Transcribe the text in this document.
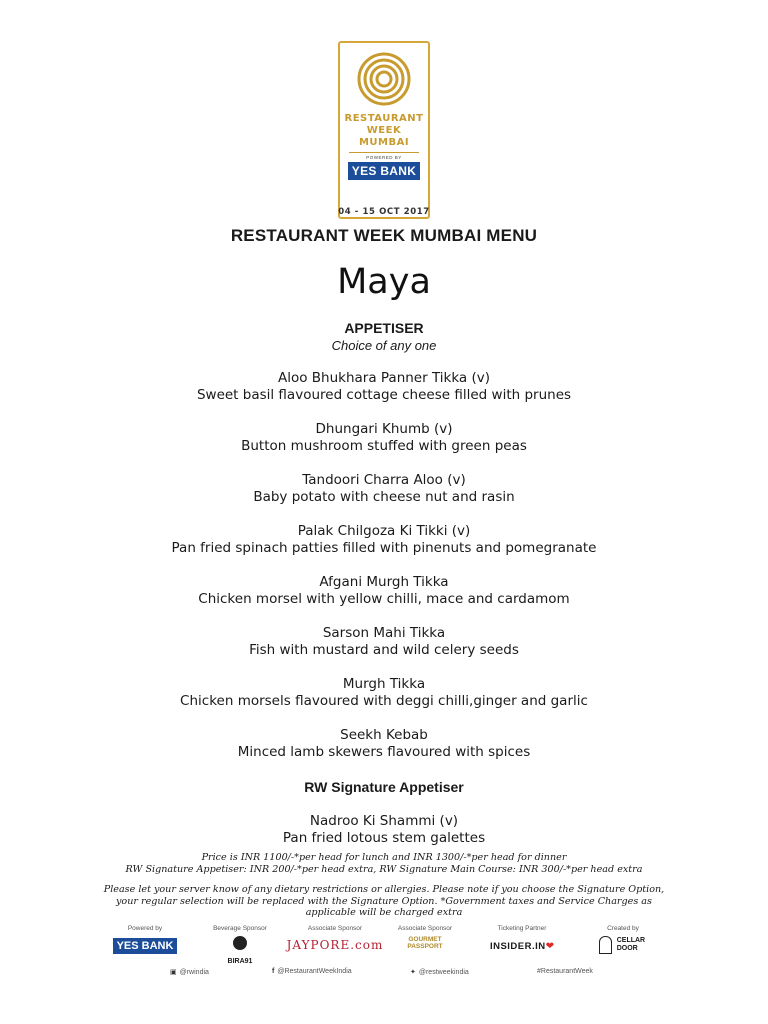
RESTAURANT
WEEK
MUMBAI
POWERED BY
YES BANK
04 - 15 OCT 2017
RESTAURANT WEEK MUMBAI MENU
Maya
APPETISER
Choice of any one
Aloo Bhukhara Panner Tikka (v)
Sweet basil flavoured cottage cheese filled with prunes
Dhungari Khumb (v)
Button mushroom stuffed with green peas
Tandoori Charra Aloo (v)
Baby potato with cheese nut and rasin
Palak Chilgoza Ki Tikki (v)
Pan fried spinach patties filled with pinenuts and pomegranate
Afgani Murgh Tikka
Chicken morsel with yellow chilli, mace and cardamom
Sarson Mahi Tikka
Fish with mustard and wild celery seeds
Murgh Tikka
Chicken morsels flavoured with deggi chilli,ginger and garlic
Seekh Kebab
Minced lamb skewers flavoured with spices
RW Signature Appetiser
Nadroo Ki Shammi (v)
Pan fried lotous stem galettes
Price is INR 1100/-*per head for lunch and INR 1300/-*per head for dinner
RW Signature Appetiser: INR 200/-*per head extra, RW Signature Main Course: INR 300/-*per head extra
Please let your server know of any dietary restrictions or allergies. Please note if you choose the Signature Option, your regular selection will be replaced with the Signature Option. *Government taxes and Service Charges as applicable will be charged extra
Powered by
YES BANK
Beverage Sponsor
BIRA91
Associate Sponsor
JAYPORE.com
Associate Sponsor
GOURMET PASSPORT
Ticketing Partner
INSIDER.IN❤
Created by
CELLAR DOOR
▣ @rwindia	f @RestaurantWeekIndia	✦ @restweekindia	#RestaurantWeek
